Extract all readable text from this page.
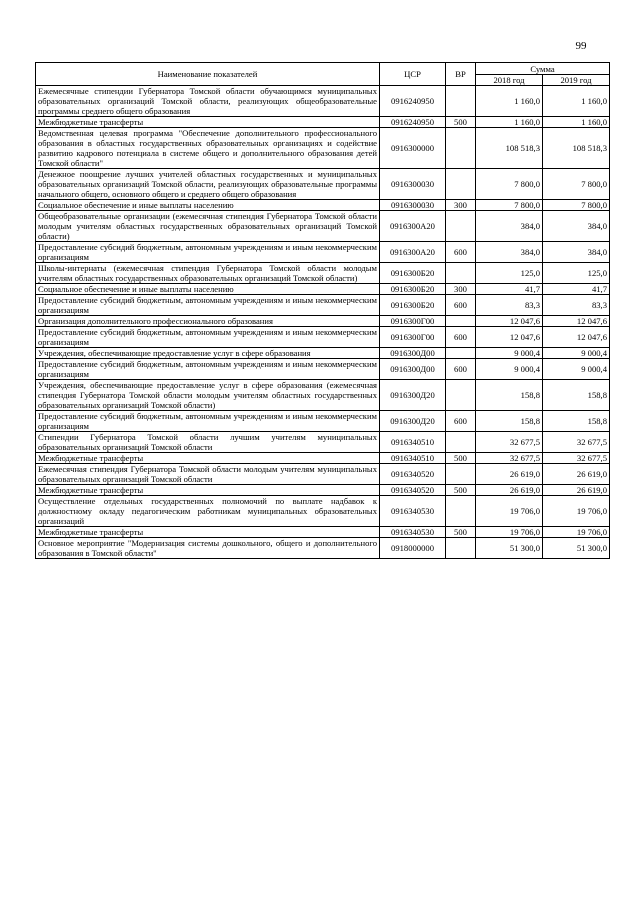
99
Наименование показателей	ЦСР	ВР	Сумма	
			2018 год	2019 год
Ежемесячные стипендии Губернатора Томской области обучающимся муниципальных образовательных организаций Томской области, реализующих общеобразовательные программы среднего общего образования	0916240950		1 160,0	1 160,0
Межбюджетные трансферты	0916240950	500	1 160,0	1 160,0
Ведомственная целевая программа "Обеспечение дополнительного профессионального образования в областных государственных образовательных организациях и содействие развитию кадрового потенциала в системе общего и дополнительного образования детей Томской области"	0916300000		108 518,3	108 518,3
Денежное поощрение лучших учителей областных государственных и муниципальных образовательных организаций Томской области, реализующих образовательные программы начального общего, основного общего и среднего общего образования	0916300030		7 800,0	7 800,0
Социальное обеспечение и иные выплаты населению	0916300030	300	7 800,0	7 800,0
Общеобразовательные организации (ежемесячная стипендия Губернатора Томской области молодым учителям областных государственных образовательных организаций Томской области)	0916300А20		384,0	384,0
Предоставление субсидий бюджетным, автономным учреждениям и иным некоммерческим организациям	0916300А20	600	384,0	384,0
Школы-интернаты (ежемесячная стипендия Губернатора Томской области молодым учителям областных государственных образовательных организаций Томской области)	0916300Б20		125,0	125,0
Социальное обеспечение и иные выплаты населению	0916300Б20	300	41,7	41,7
Предоставление субсидий бюджетным, автономным учреждениям и иным некоммерческим организациям	0916300Б20	600	83,3	83,3
Организация дополнительного профессионального образования	0916300Г00		12 047,6	12 047,6
Предоставление субсидий бюджетным, автономным учреждениям и иным некоммерческим организациям	0916300Г00	600	12 047,6	12 047,6
Учреждения, обеспечивающие предоставление услуг в сфере образования	0916300Д00		9 000,4	9 000,4
Предоставление субсидий бюджетным, автономным учреждениям и иным некоммерческим организациям	0916300Д00	600	9 000,4	9 000,4
Учреждения, обеспечивающие предоставление услуг в сфере образования (ежемесячная стипендия Губернатора Томской области молодым учителям областных государственных образовательных организаций Томской области)	0916300Д20		158,8	158,8
Предоставление субсидий бюджетным, автономным учреждениям и иным некоммерческим организациям	0916300Д20	600	158,8	158,8
Стипендии Губернатора Томской области лучшим учителям муниципальных образовательных организаций Томской области	0916340510		32 677,5	32 677,5
Межбюджетные трансферты	0916340510	500	32 677,5	32 677,5
Ежемесячная стипендия Губернатора Томской области молодым учителям муниципальных образовательных организаций Томской области	0916340520		26 619,0	26 619,0
Межбюджетные трансферты	0916340520	500	26 619,0	26 619,0
Осуществление отдельных государственных полномочий по выплате надбавок к должностному окладу педагогическим работникам муниципальных образовательных организаций	0916340530		19 706,0	19 706,0
Межбюджетные трансферты	0916340530	500	19 706,0	19 706,0
Основное мероприятие "Модернизация системы дошкольного, общего и дополнительного образования в Томской области"	0918000000		51 300,0	51 300,0
